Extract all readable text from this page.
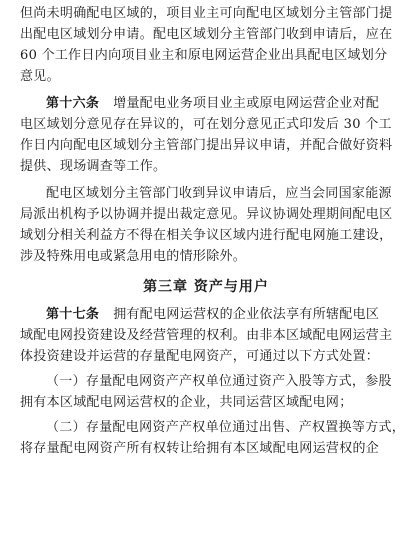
但尚未明确配电区域的，项目业主可向配电区域划分主管部门提
出配电区域划分申请。配电区域划分主管部门收到申请后，应在
60 个工作日内向项目业主和原电网运营企业出具配电区域划分
意见。
第十六条 增量配电业务项目业主或原电网运营企业对配
电区域划分意见存在异议的，可在划分意见正式印发后 30 个工
作日内向配电区域划分主管部门提出异议申请，并配合做好资料
提供、现场调查等工作。
配电区域划分主管部门收到异议申请后，应当会同国家能源
局派出机构予以协调并提出裁定意见。异议协调处理期间配电区
域划分相关利益方不得在相关争议区域内进行配电网施工建设，
涉及特殊用电或紧急用电的情形除外。
第三章 资产与用户
第十七条 拥有配电网运营权的企业依法享有所辖配电区
域配电网投资建设及经营管理的权利。由非本区域配电网运营主
体投资建设并运营的存量配电网资产，可通过以下方式处置：
（一）存量配电网资产产权单位通过资产入股等方式，参股
拥有本区域配电网运营权的企业，共同运营区域配电网；
（二）存量配电网资产产权单位通过出售、产权置换等方式，
将存量配电网资产所有权转让给拥有本区域配电网运营权的企
